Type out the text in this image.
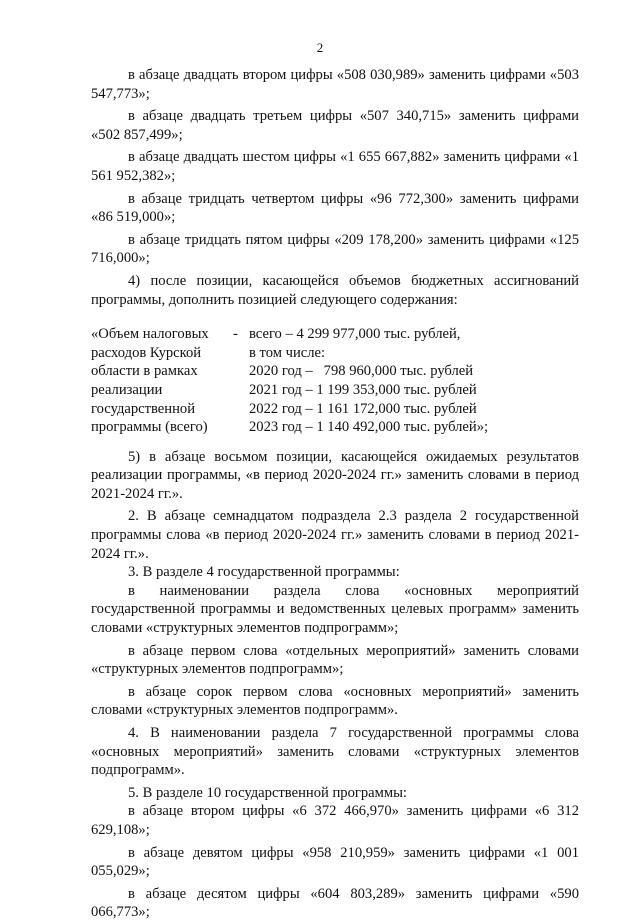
2

в абзаце двадцать втором цифры «508 030,989» заменить цифрами «503 547,773»;

в абзаце двадцать третьем цифры «507 340,715» заменить цифрами «502 857,499»;

в абзаце двадцать шестом цифры «1 655 667,882» заменить цифрами «1 561 952,382»;

в абзаце тридцать четвертом цифры «96 772,300» заменить цифрами «86 519,000»;

в абзаце тридцать пятом цифры «209 178,200» заменить цифрами «125 716,000»;

4) после позиции, касающейся объемов бюджетных ассигнований программы, дополнить позицией следующего содержания:

«Объем налоговых
расходов Курской
области в рамках
реализации
государственной
программы (всего)
- всего – 4 299 977,000 тыс. рублей,
в том числе:
2020 год –   798 960,000 тыс. рублей
2021 год – 1 199 353,000 тыс. рублей
2022 год – 1 161 172,000 тыс. рублей
2023 год – 1 140 492,000 тыс. рублей»;

5) в абзаце восьмом позиции, касающейся ожидаемых результатов реализации программы, «в период 2020-2024 гг.» заменить словами в период 2021-2024 гг.».

2. В абзаце семнадцатом подраздела 2.3 раздела 2 государственной программы слова «в период 2020-2024 гг.» заменить словами в период 2021-2024 гг.».

3. В разделе 4 государственной программы:

в наименовании раздела слова «основных мероприятий государственной программы и ведомственных целевых программ» заменить словами «структурных элементов подпрограмм»;

в абзаце первом слова «отдельных мероприятий» заменить словами «структурных элементов подпрограмм»;

в абзаце сорок первом слова «основных мероприятий» заменить словами «структурных элементов подпрограмм».

4. В наименовании раздела 7 государственной программы слова «основных мероприятий» заменить словами «структурных элементов подпрограмм».

5. В разделе 10 государственной программы:

в абзаце втором цифры «6 372 466,970» заменить цифрами «6 312 629,108»;

в абзаце девятом цифры «958 210,959» заменить цифрами «1 001 055,029»;

в абзаце десятом цифры «604 803,289» заменить цифрами «590 066,773»;
